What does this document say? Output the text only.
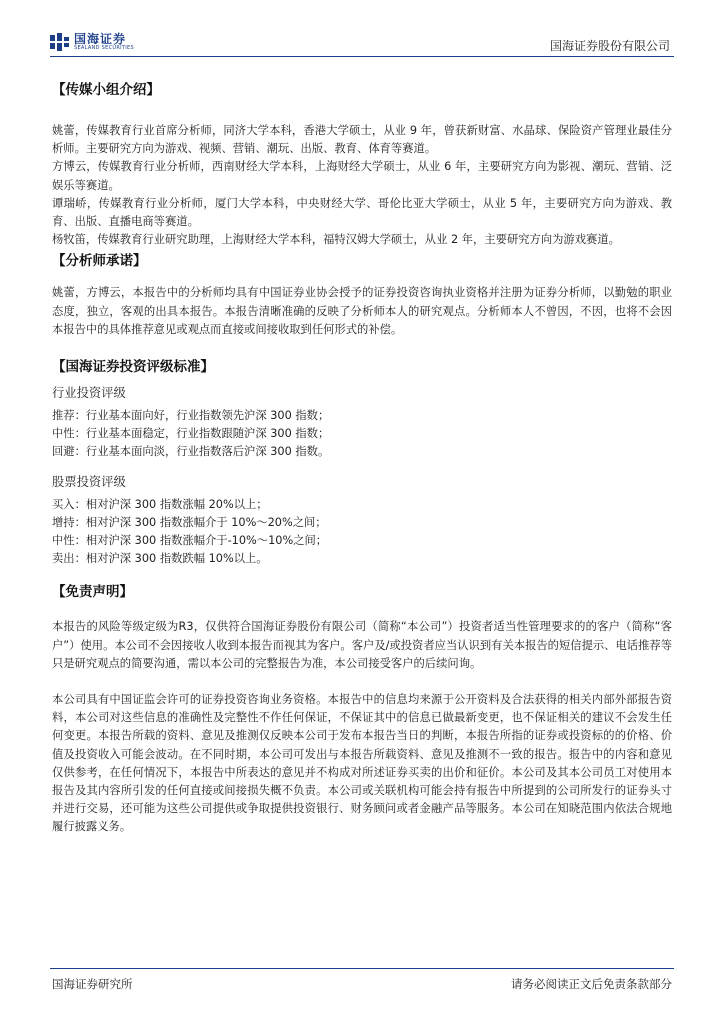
国海证券
SEALAND SECURITIES	国海证券股份有限公司
【传媒小组介绍】

姚蕾，传媒教育行业首席分析师，同济大学本科，香港大学硕士，从业 9 年，曾获新财富、水晶球、保险资产管理业最佳分析师。主要研究方向为游戏、视频、营销、潮玩、出版、教育、体育等赛道。

方博云，传媒教育行业分析师，西南财经大学本科，上海财经大学硕士，从业 6 年，主要研究方向为影视、潮玩、营销、泛娱乐等赛道。

谭瑞峤，传媒教育行业分析师，厦门大学本科，中央财经大学、哥伦比亚大学硕士，从业 5 年，主要研究方向为游戏、教育、出版、直播电商等赛道。

杨牧笛，传媒教育行业研究助理，上海财经大学本科，福特汉姆大学硕士，从业 2 年，主要研究方向为游戏赛道。

【分析师承诺】

姚蕾，方博云，本报告中的分析师均具有中国证券业协会授予的证券投资咨询执业资格并注册为证券分析师，以勤勉的职业态度，独立，客观的出具本报告。本报告清晰准确的反映了分析师本人的研究观点。分析师本人不曾因，不因，也将不会因本报告中的具体推荐意见或观点而直接或间接收取到任何形式的补偿。

【国海证券投资评级标准】
行业投资评级
推荐：行业基本面向好，行业指数领先沪深 300 指数；
中性：行业基本面稳定，行业指数跟随沪深 300 指数；
回避：行业基本面向淡，行业指数落后沪深 300 指数。
股票投资评级
买入：相对沪深 300 指数涨幅 20%以上；
增持：相对沪深 300 指数涨幅介于 10%～20%之间；
中性：相对沪深 300 指数涨幅介于-10%～10%之间；
卖出：相对沪深 300 指数跌幅 10%以上。
【免责声明】

本报告的风险等级定级为R3，仅供符合国海证券股份有限公司（简称“本公司”）投资者适当性管理要求的的客户（简称“客户”）使用。本公司不会因接收人收到本报告而视其为客户。客户及/或投资者应当认识到有关本报告的短信提示、电话推荐等只是研究观点的简要沟通，需以本公司的完整报告为准，本公司接受客户的后续问询。

本公司具有中国证监会许可的证券投资咨询业务资格。本报告中的信息均来源于公开资料及合法获得的相关内部外部报告资料，本公司对这些信息的准确性及完整性不作任何保证，不保证其中的信息已做最新变更，也不保证相关的建议不会发生任何变更。本报告所载的资料、意见及推测仅反映本公司于发布本报告当日的判断，本报告所指的证券或投资标的的价格、价值及投资收入可能会波动。在不同时期，本公司可发出与本报告所载资料、意见及推测不一致的报告。报告中的内容和意见仅供参考，在任何情况下，本报告中所表达的意见并不构成对所述证券买卖的出价和征价。本公司及其本公司员工对使用本报告及其内容所引发的任何直接或间接损失概不负责。本公司或关联机构可能会持有报告中所提到的公司所发行的证券头寸并进行交易，还可能为这些公司提供或争取提供投资银行、财务顾问或者金融产品等服务。本公司在知晓范围内依法合规地履行披露义务。

国海证券研究所	请务必阅读正文后免责条款部分
